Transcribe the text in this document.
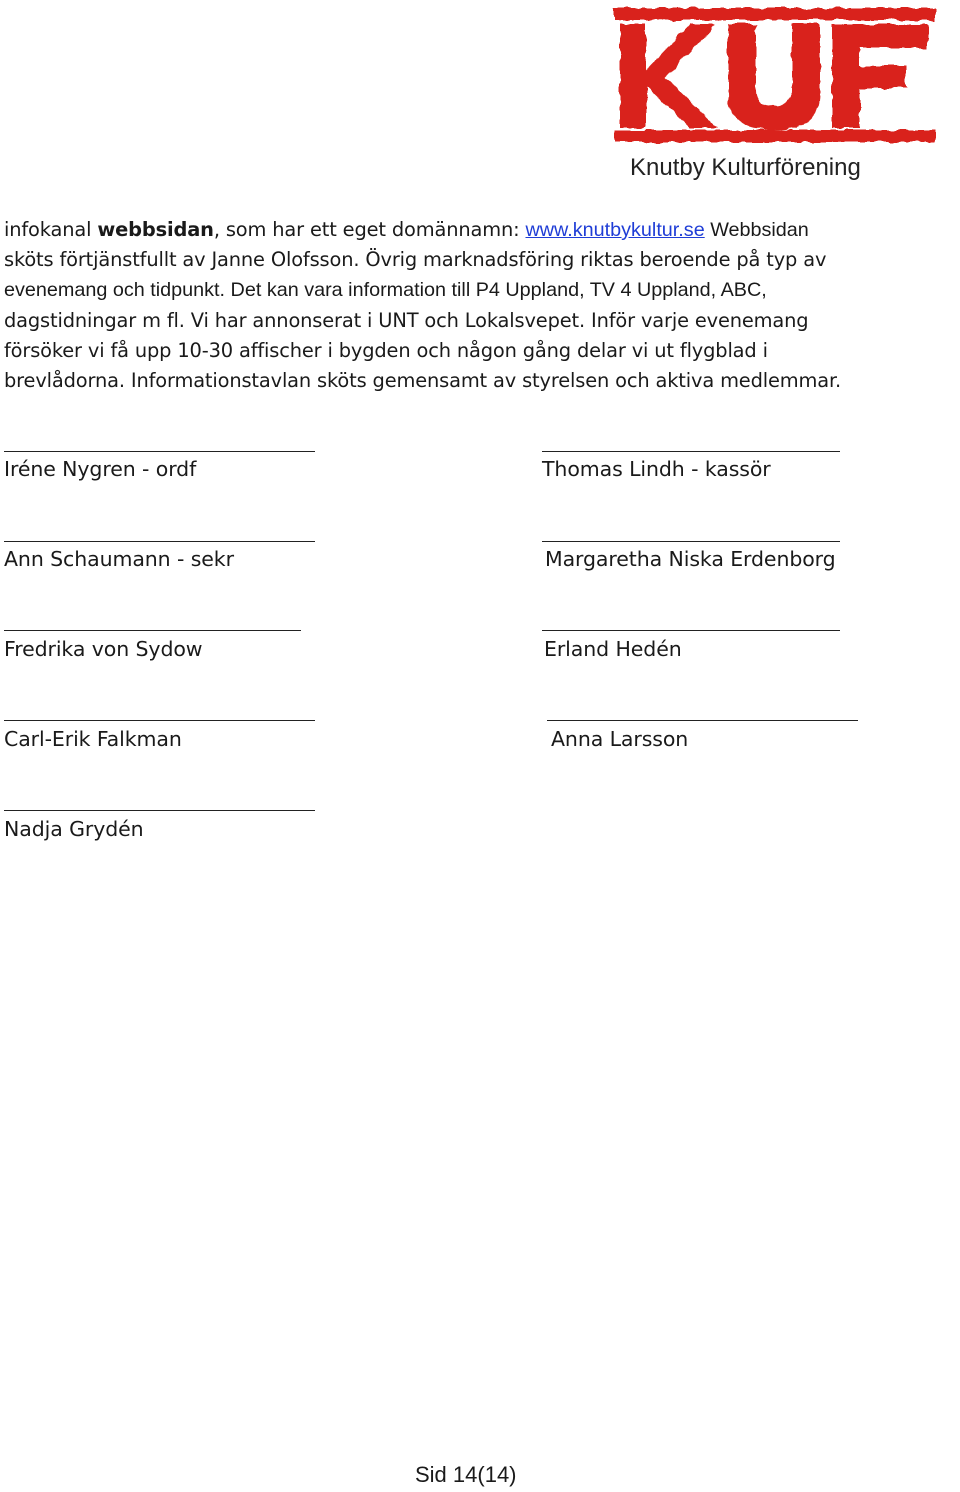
Knutby Kulturförening
infokanal webbsidan, som har ett eget domännamn: www.knutbykultur.se Webbsidan
sköts förtjänstfullt av Janne Olofsson. Övrig marknadsföring riktas beroende på typ av
evenemang och tidpunkt. Det kan vara information till P4 Uppland, TV 4 Uppland, ABC,
dagstidningar m fl. Vi har annonserat i UNT och Lokalsvepet. Inför varje evenemang
försöker vi få upp 10-30 affischer i bygden och någon gång delar vi ut flygblad i
brevlådorna. Informationstavlan sköts gemensamt av styrelsen och aktiva medlemmar.
Iréne Nygren - ordf	Thomas Lindh - kassör
Ann Schaumann - sekr	Margaretha Niska Erdenborg
Fredrika von Sydow	Erland Hedén
Carl-Erik Falkman	Anna Larsson
Nadja Grydén
Sid 14(14)
